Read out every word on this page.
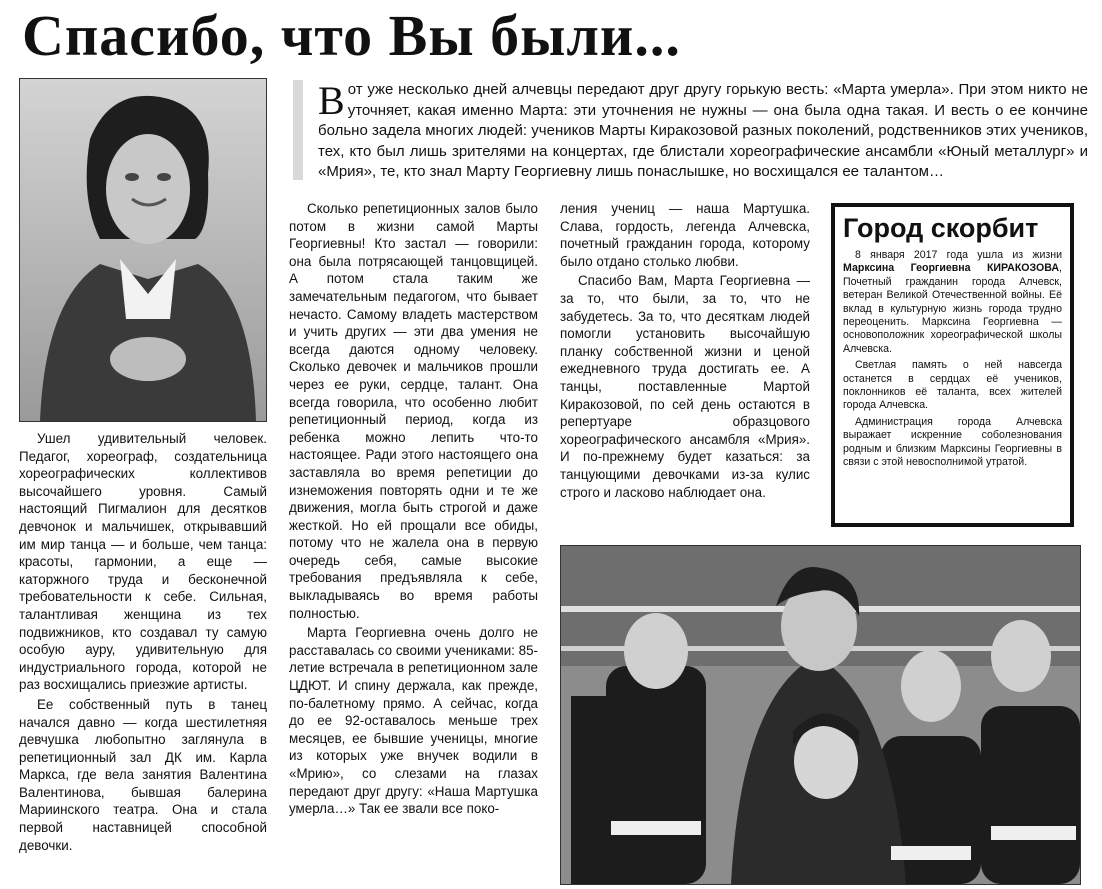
Спасибо, что Вы были...
Вот уже несколько дней алчевцы передают друг другу горькую весть: «Марта умерла». При этом никто не уточняет, какая именно Марта: эти уточнения не нужны — она была одна такая. И весть о ее кончине больно задела многих людей: учеников Марты Киракозовой разных поколений, родственников этих учеников, тех, кто был лишь зрителями на концертах, где блистали хореографические ансамбли «Юный металлург» и «Мрия», те, кто знал Марту Георгиевну лишь понаслышке, но восхищался ее талантом…

Ушел удивительный человек. Педагог, хореограф, создательница хореографических коллективов высочайшего уровня. Самый настоящий Пигмалион для десятков девчонок и мальчишек, открывавший им мир танца — и больше, чем танца: красоты, гармонии, а еще — каторжного труда и бесконечной требовательности к себе. Сильная, талантливая женщина из тех подвижников, кто создавал ту самую особую ауру, удивительную для индустриального города, которой не раз восхищались приезжие артисты.

Ее собственный путь в танец начался давно — когда шестилетняя девчушка любопытно заглянула в репетиционный зал ДК им. Карла Маркса, где вела занятия Валентина Валентинова, бывшая балерина Мариинского театра. Она и стала первой наставницей способной девочки.

Сколько репетиционных залов было потом в жизни самой Марты Георгиевны! Кто застал — говорили: она была потрясающей танцовщицей. А потом стала таким же замечательным педагогом, что бывает нечасто. Самому владеть мастерством и учить других — эти два умения не всегда даются одному человеку. Сколько девочек и мальчиков прошли через ее руки, сердце, талант. Она всегда говорила, что особенно любит репетиционный период, когда из ребенка можно лепить что-то настоящее. Ради этого настоящего она заставляла во время репетиции до изнеможения повторять одни и те же движения, могла быть строгой и даже жесткой. Но ей прощали все обиды, потому что не жалела она в первую очередь себя, самые высокие требования предъявляла к себе, выкладываясь во время работы полностью.

Марта Георгиевна очень долго не расставалась со своими учениками: 85-летие встречала в репетиционном зале ЦДЮТ. И спину держала, как прежде, по-балетному прямо. А сейчас, когда до ее 92-оставалось меньше трех месяцев, ее бывшие ученицы, многие из которых уже внучек водили в «Мрию», со слезами на глазах передают друг другу: «Наша Мартушка умерла…» Так ее звали все поко-

ления учениц — наша Мартушка. Слава, гордость, легенда Алчевска, почетный гражданин города, которому было отдано столько любви.

Спасибо Вам, Марта Георгиевна — за то, что были, за то, что не забудетесь. За то, что десяткам людей помогли установить высочайшую планку собственной жизни и ценой ежедневного труда достигать ее. А танцы, поставленные Мартой Киракозовой, по сей день остаются в репертуаре образцового хореографического ансамбля «Мрия». И по-прежнему будет казаться: за танцующими девочками из-за кулис строго и ласково наблюдает она.

Город скорбит

8 января 2017 года ушла из жизни Марксина Георгиевна КИРАКОЗОВА, Почетный гражданин города Алчевск, ветеран Великой Отечественной войны. Её вклад в культурную жизнь города трудно переоценить. Марксина Георгиевна — основоположник хореографической школы Алчевска.

Светлая память о ней навсегда останется в сердцах её учеников, поклонников её таланта, всех жителей города Алчевска.

Администрация города Алчевска выражает искренние соболезнования родным и близким Марксины Георгиевны в связи с этой невосполнимой утратой.
